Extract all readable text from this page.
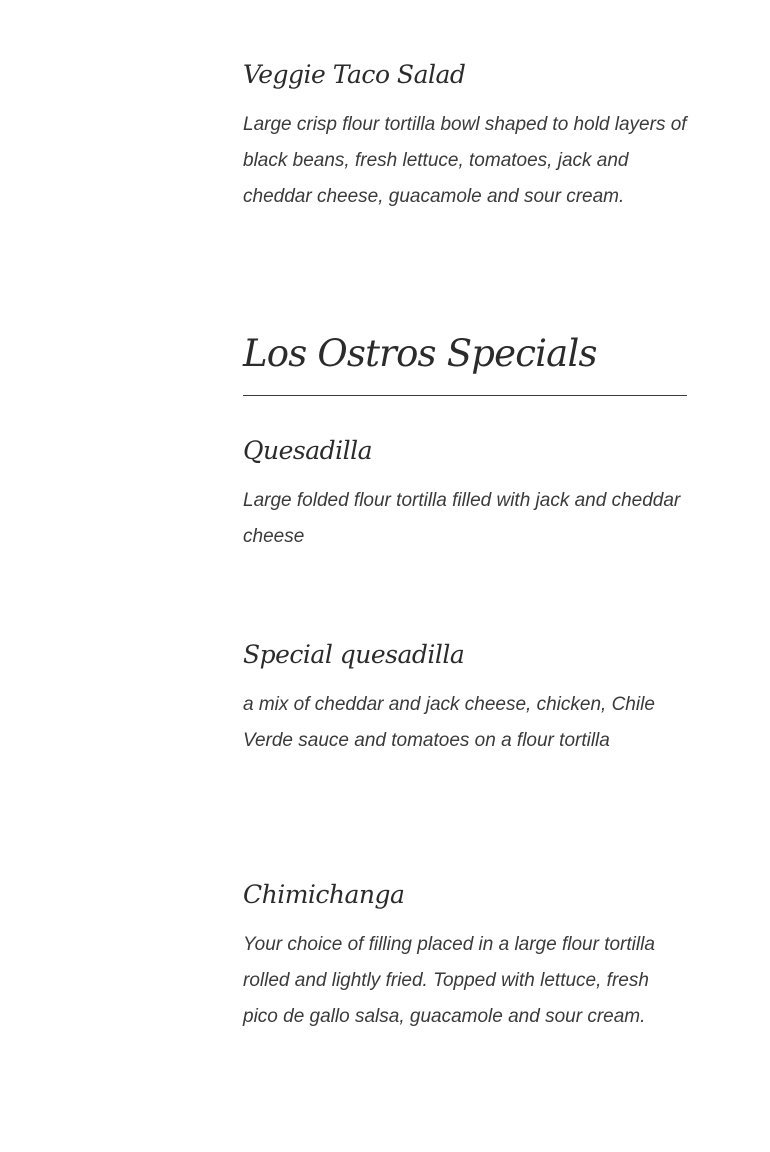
Veggie Taco Salad

Large crisp flour tortilla bowl shaped to hold layers of black beans, fresh lettuce, tomatoes, jack and cheddar cheese, guacamole and sour cream.

Los Ostros Specials
Quesadilla

Large folded flour tortilla filled with jack and cheddar cheese

Special quesadilla

a mix of cheddar and jack cheese, chicken, Chile Verde sauce and tomatoes on a flour tortilla

Chimichanga

Your choice of filling placed in a large flour tortilla rolled and lightly fried. Topped with lettuce, fresh pico de gallo salsa, guacamole and sour cream.
